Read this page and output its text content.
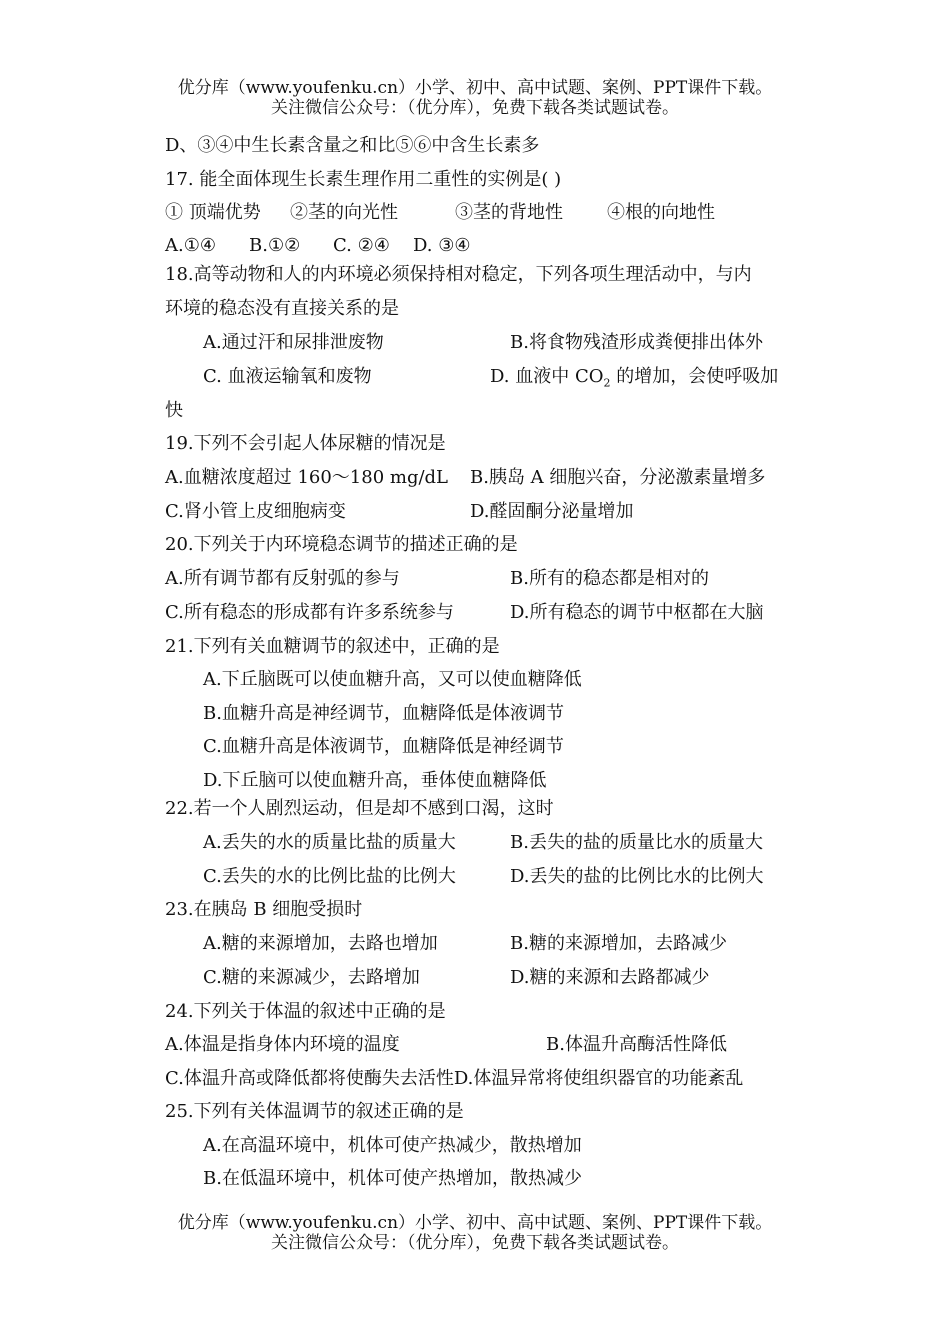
优分库（www.youfenku.cn）小学、初中、高中试题、案例、PPT课件下载。
关注微信公众号：（优分库），免费下载各类试题试卷。
D、③④中生长素含量之和比⑤⑥中含生长素多
17. 能全面体现生长素生理作用二重性的实例是( )
① 顶端优势 ②茎的向光性	③茎的背地性 ④根的向地性
A.①④ B.①② C. ②④ D. ③④
18.高等动物和人的内环境必须保持相对稳定，下列各项生理活动中，与内
环境的稳态没有直接关系的是
A.通过汗和尿排泄废物	B.将食物残渣形成粪便排出体外
C. 血液运输氧和废物	D. 血液中 $CO_2$ 的增加，会使呼吸加
快
19.下列不会引起人体尿糖的情况是
A.血糖浓度超过 160～180 mg/dL B.胰岛 A 细胞兴奋，分泌激素量增多
C.肾小管上皮细胞病变	D.醛固酮分泌量增加
20.下列关于内环境稳态调节的描述正确的是
A.所有调节都有反射弧的参与	B.所有的稳态都是相对的
C.所有稳态的形成都有许多系统参与	D.所有稳态的调节中枢都在大脑
21.下列有关血糖调节的叙述中，正确的是
A.下丘脑既可以使血糖升高，又可以使血糖降低
B.血糖升高是神经调节，血糖降低是体液调节
C.血糖升高是体液调节，血糖降低是神经调节
D.下丘脑可以使血糖升高，垂体使血糖降低
22.若一个人剧烈运动，但是却不感到口渴，这时
A.丢失的水的质量比盐的质量大	B.丢失的盐的质量比水的质量大
C.丢失的水的比例比盐的比例大	D.丢失的盐的比例比水的比例大
23.在胰岛 B 细胞受损时
A.糖的来源增加，去路也增加	B.糖的来源增加，去路减少
C.糖的来源减少，去路增加	D.糖的来源和去路都减少
24.下列关于体温的叙述中正确的是
A.体温是指身体内环境的温度	B.体温升高酶活性降低
C.体温升高或降低都将使酶失去活性D.体温异常将使组织器官的功能紊乱
25.下列有关体温调节的叙述正确的是
A.在高温环境中，机体可使产热减少，散热增加
B.在低温环境中，机体可使产热增加，散热减少
优分库（www.youfenku.cn）小学、初中、高中试题、案例、PPT课件下载。
关注微信公众号：（优分库），免费下载各类试题试卷。
